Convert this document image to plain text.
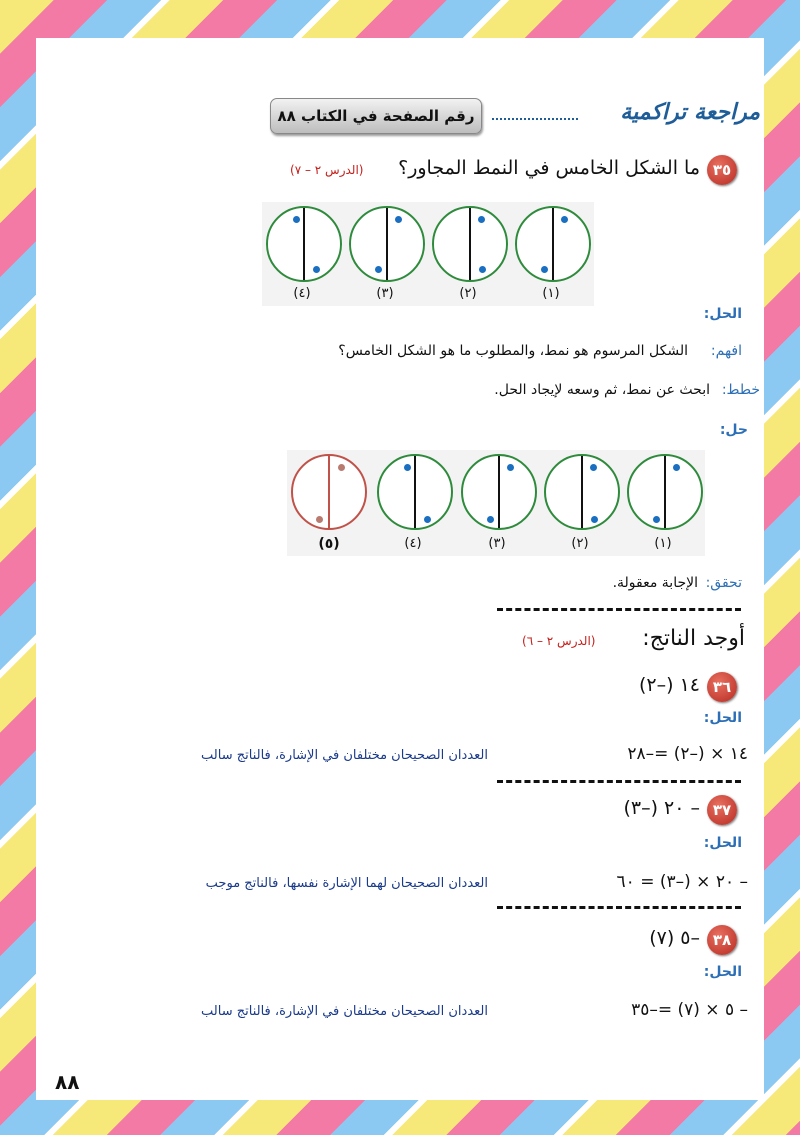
مراجعة تراكمية
رقم الصفحة في الكتاب ٨٨
٣٥
ما الشكل الخامس في النمط المجاور؟
(الدرس ٢ – ٧)
(٤)	(٣)	(٢)	(١)
الحل:
افهم:
الشكل المرسوم هو نمط، والمطلوب ما هو الشكل الخامس؟
خطط:
ابحث عن نمط، ثم وسعه لإيجاد الحل.
حل:
(٥)	(٤)	(٣)	(٢)	(١)
تحقق:
الإجابة معقولة.
أوجد الناتج:
(الدرس ٢ – ٦)
٣٦
١٤ (–٢)
الحل:
١٤ × (–٢) =–٢٨
العددان الصحيحان مختلفان في الإشارة، فالناتج سالب
٣٧
– ٢٠ (–٣)
الحل:
– ٢٠ × (–٣) = ٦٠
العددان الصحيحان لهما الإشارة نفسها، فالناتج موجب
٣٨
–٥ (٧)
الحل:
– ٥ × (٧) =–٣٥
العددان الصحيحان مختلفان في الإشارة، فالناتج سالب
٨٨
